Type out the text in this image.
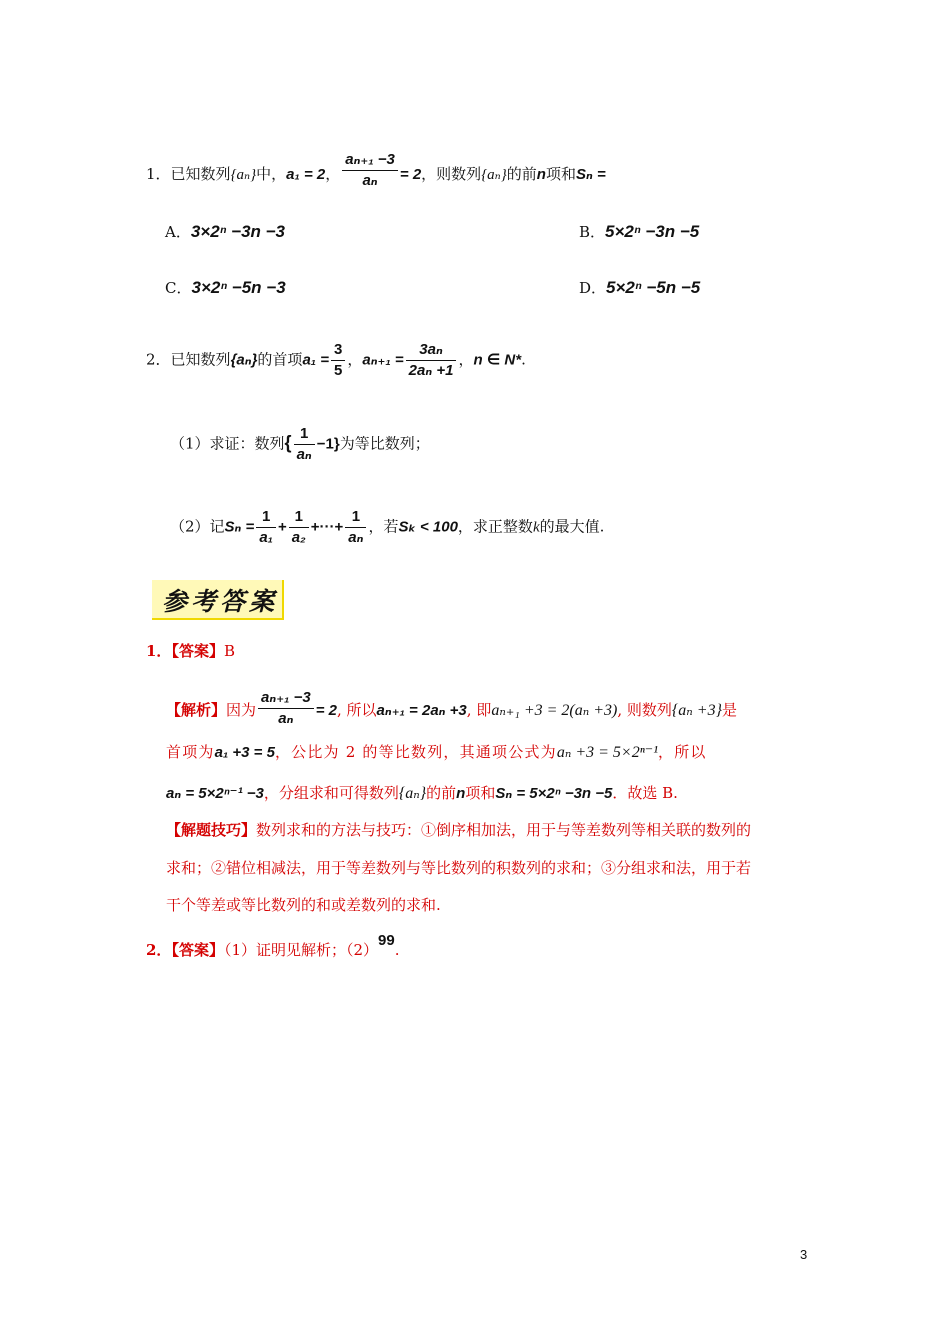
1．已知数列{aₙ}中，a₁ = 2， $\frac{\text{aₙ₊₁ −3}}{\text{aₙ}} = 2$，则数列{aₙ}的前n项和Sₙ =
A．3×2ⁿ −3n −3	B．5×2ⁿ −3n −5
C．3×2ⁿ −5n −3	D．5×2ⁿ −5n −5
2．已知数列{aₙ}的首项$a_1 = \frac{3}{5}$ ，$a_{n+1} = \frac{\text{3aₙ}}{\text{2aₙ +1}}$ ，n ∈ N*.
（1）求证：数列{ $\frac{1}{\text{aₙ}} -1$}为等比数列；
（2）记$S_n = \frac{1}{\text{a₁}} + \frac{1}{\text{a₂}}$ +···+ $\frac{1}{\text{aₙ}}$ ，若Sₖ < 100，求正整数k的最大值.
参考答案
1．【答案】B
【解析】因为 $\frac{\text{aₙ₊₁ −3}}{\text{aₙ}} = 2$, 所以aₙ₊₁ = 2aₙ +3, 即aₙ₊₁ +3 = 2(aₙ +3), 则数列{aₙ +3}是
首项为a₁ +3 = 5，公比为 2 的等比数列，其通项公式为aₙ +3 = 5×2ⁿ⁻¹，所以
aₙ = 5×2ⁿ⁻¹ −3，分组求和可得数列{aₙ}的前n项和Sₙ = 5×2ⁿ −3n −5．故选 B.
【解题技巧】数列求和的方法与技巧：①倒序相加法，用于与等差数列等相关联的数列的
求和；②错位相减法，用于等差数列与等比数列的积数列的求和；③分组求和法，用于若
干个等差或等比数列的和或差数列的求和.
2．【答案】（1）证明见解析；（2）99.
3
